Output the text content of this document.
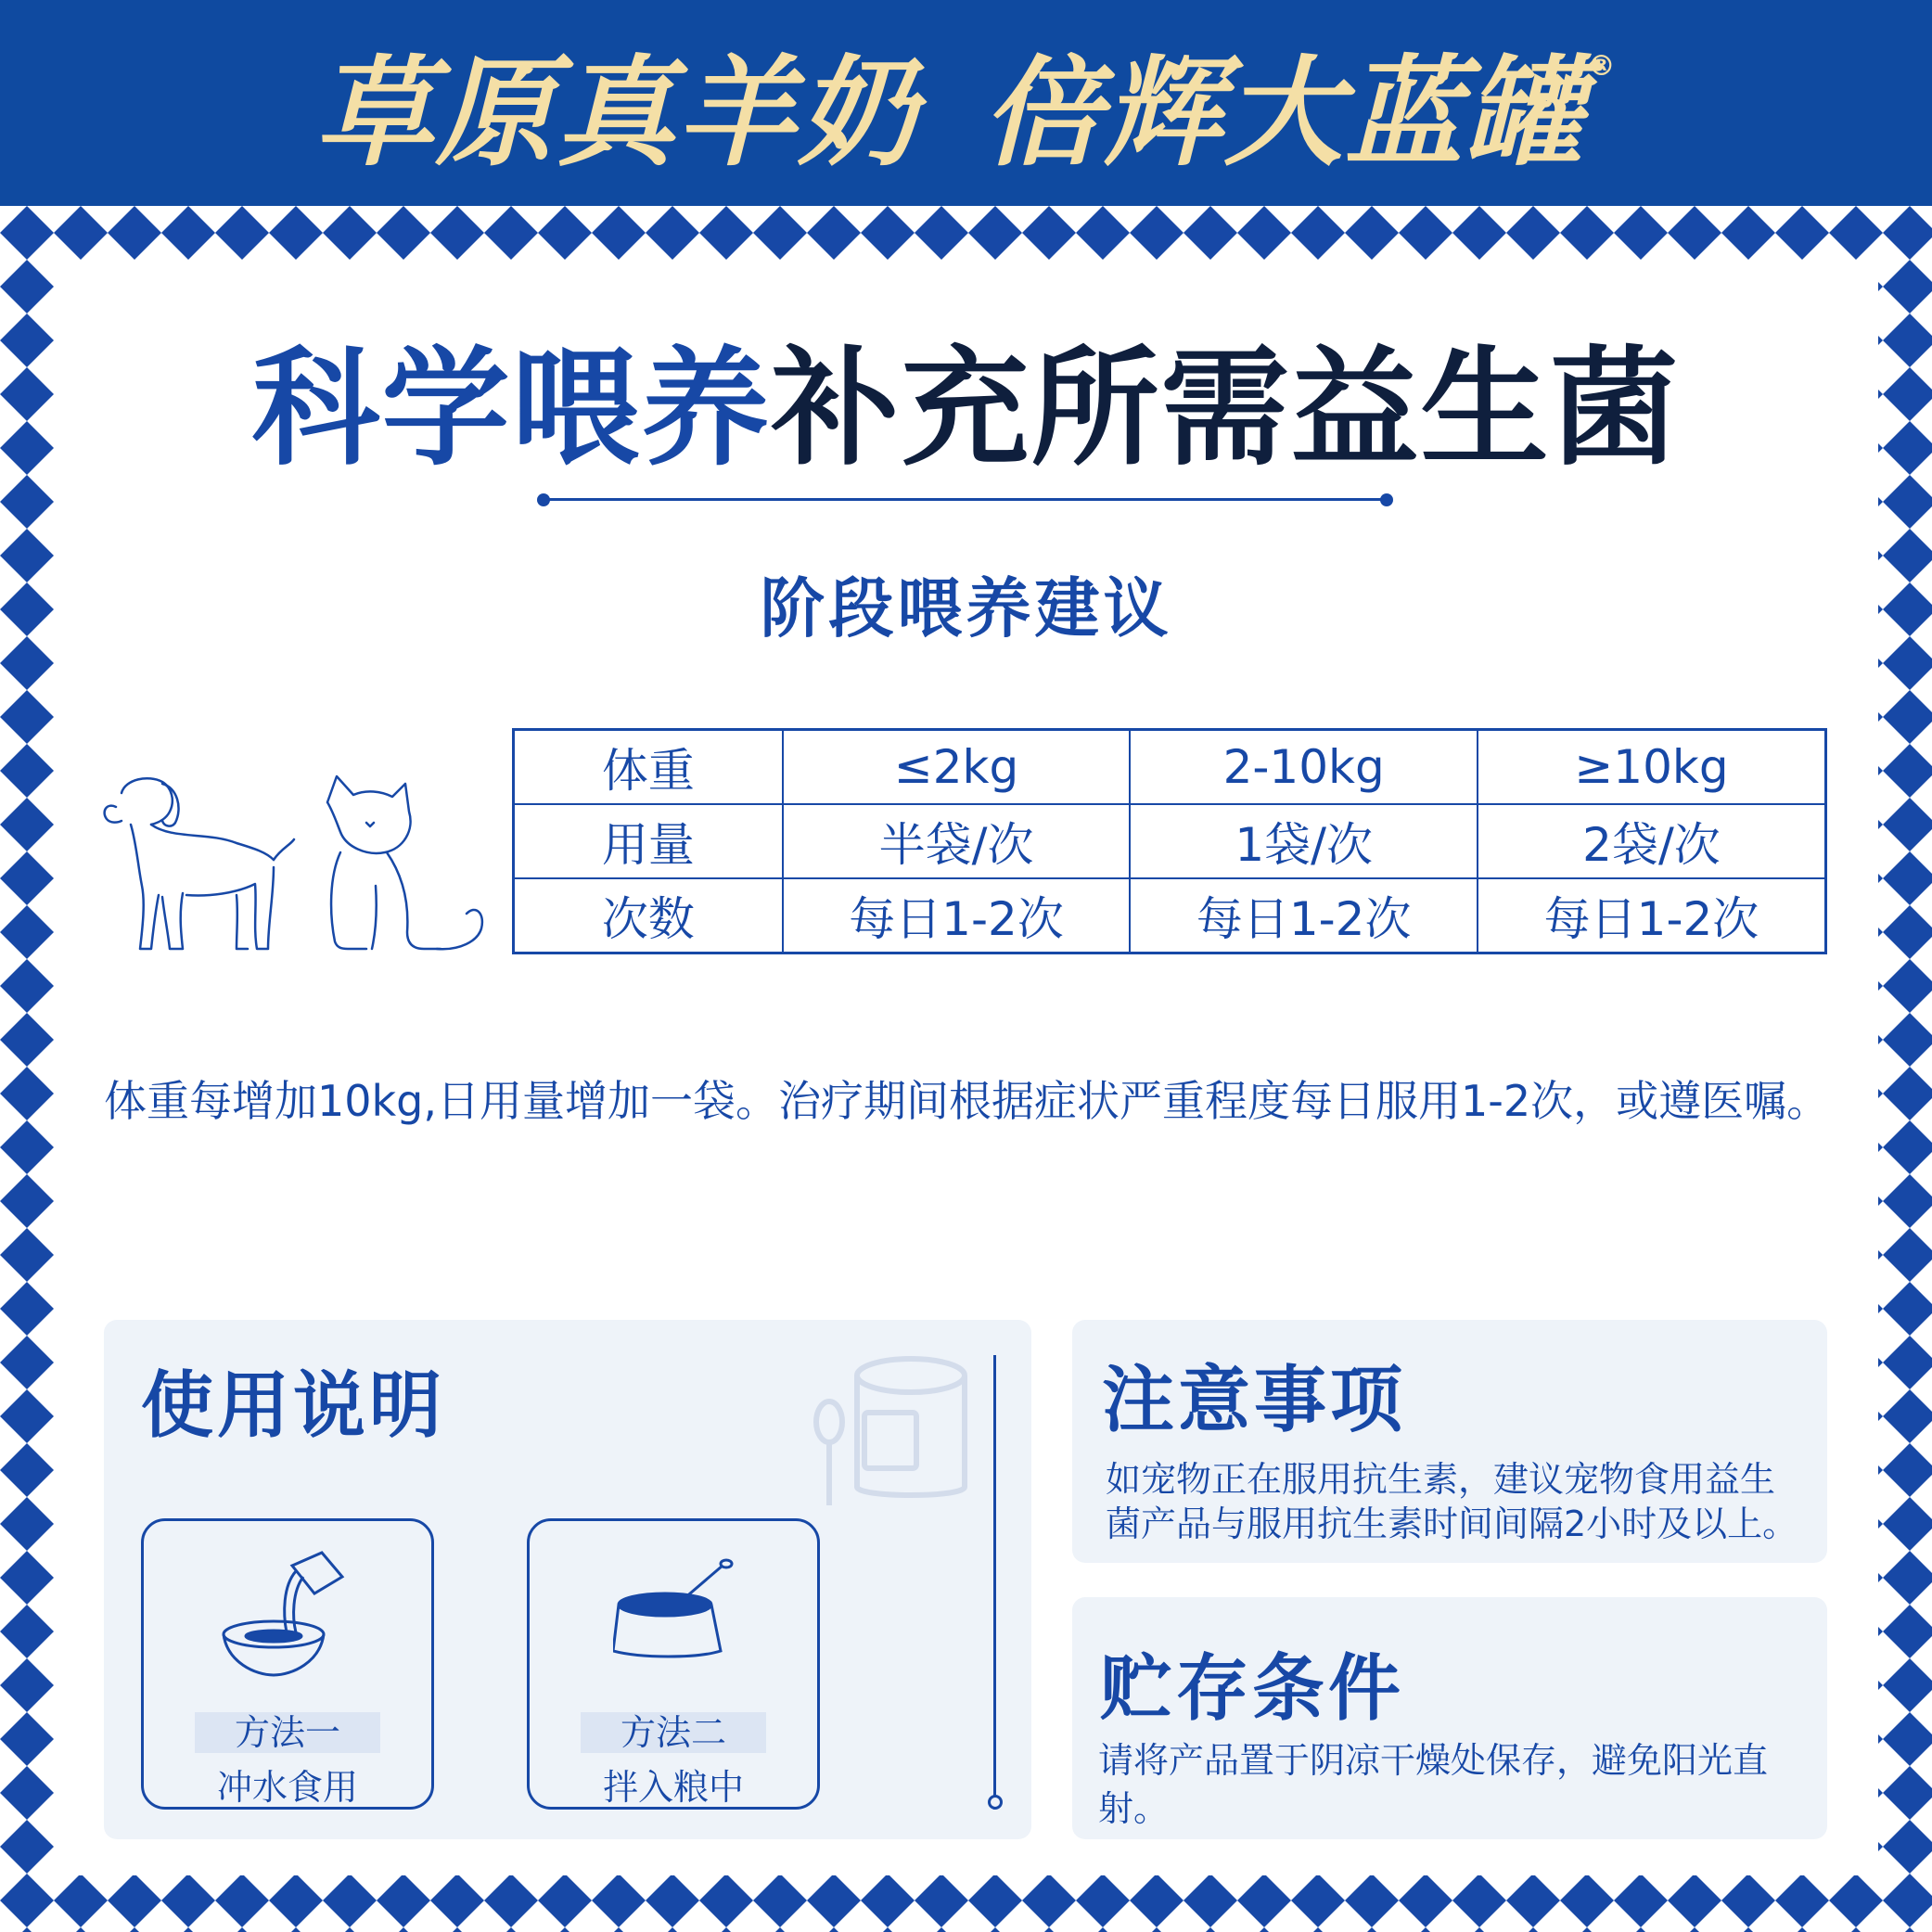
草原真羊奶 倍辉大蓝罐 ®
科学喂养补充所需益生菌
阶段喂养建议
体重	≤2kg	2-10kg	≥10kg
用量	半袋/次	1袋/次	2袋/次
次数	每日1-2次	每日1-2次	每日1-2次
体重每增加10kg,日用量增加一袋。治疗期间根据症状严重程度每日服用1-2次，或遵医嘱。
使用说明
方法一
冲水食用
方法二
拌入粮中
注意事项
如宠物正在服用抗生素，建议宠物食用益生
菌产品与服用抗生素时间间隔2小时及以上。
贮存条件
请将产品置于阴凉干燥处保存，避免阳光直射。
